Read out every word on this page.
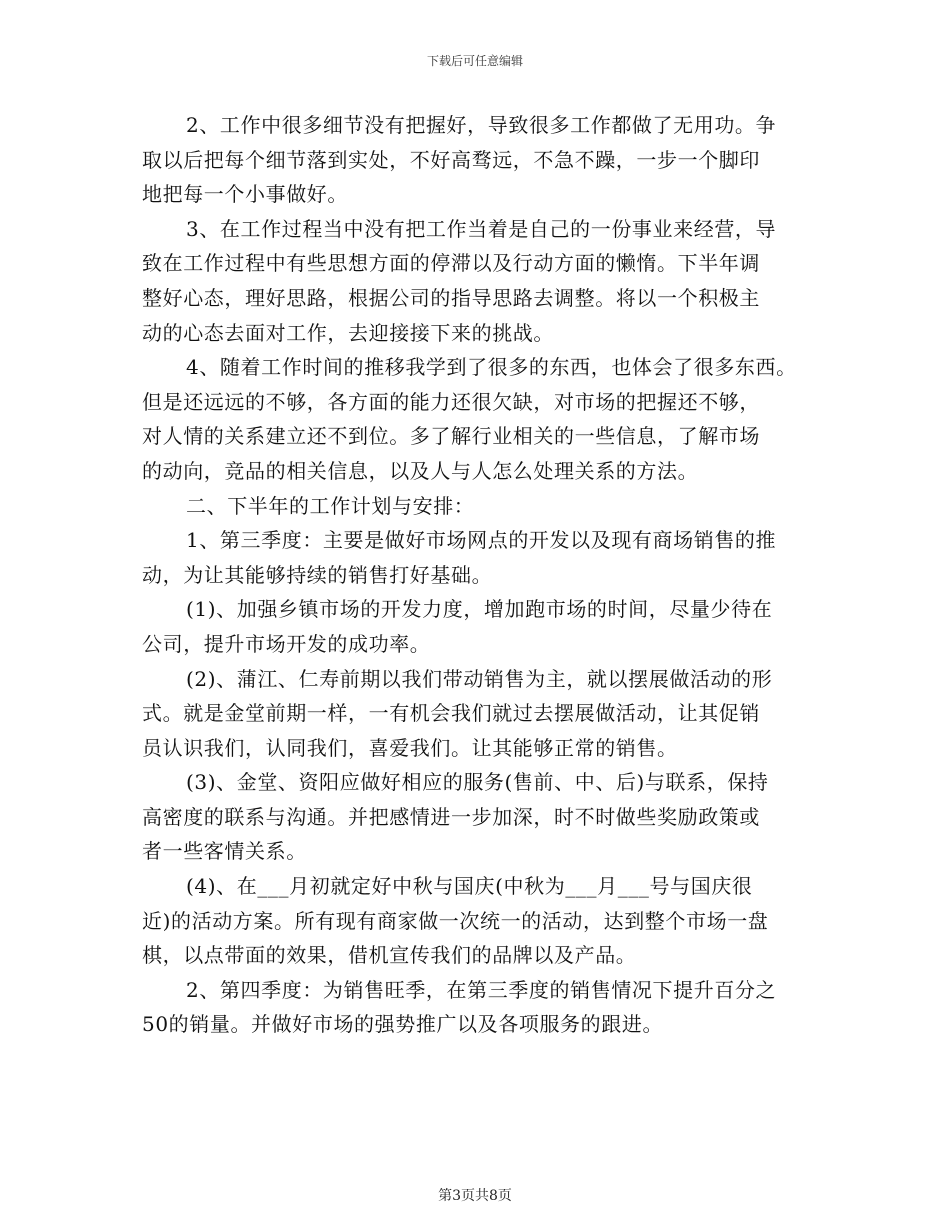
下载后可任意编辑
2、工作中很多细节没有把握好，导致很多工作都做了无用功。争
取以后把每个细节落到实处，不好高骛远，不急不躁，一步一个脚印
地把每一个小事做好。
3、在工作过程当中没有把工作当着是自己的一份事业来经营，导
致在工作过程中有些思想方面的停滞以及行动方面的懒惰。下半年调
整好心态，理好思路，根据公司的指导思路去调整。将以一个积极主
动的心态去面对工作，去迎接接下来的挑战。
4、随着工作时间的推移我学到了很多的东西，也体会了很多东西。
但是还远远的不够，各方面的能力还很欠缺，对市场的把握还不够，
对人情的关系建立还不到位。多了解行业相关的一些信息，了解市场
的动向，竞品的相关信息，以及人与人怎么处理关系的方法。
二、下半年的工作计划与安排：
1、第三季度：主要是做好市场网点的开发以及现有商场销售的推
动，为让其能够持续的销售打好基础。
(1)、加强乡镇市场的开发力度，增加跑市场的时间，尽量少待在
公司，提升市场开发的成功率。
(2)、蒲江、仁寿前期以我们带动销售为主，就以摆展做活动的形
式。就是金堂前期一样，一有机会我们就过去摆展做活动，让其促销
员认识我们，认同我们，喜爱我们。让其能够正常的销售。
(3)、金堂、资阳应做好相应的服务(售前、中、后)与联系，保持
高密度的联系与沟通。并把感情进一步加深，时不时做些奖励政策或
者一些客情关系。
(4)、在___月初就定好中秋与国庆(中秋为___月___号与国庆很
近)的活动方案。所有现有商家做一次统一的活动，达到整个市场一盘
棋，以点带面的效果，借机宣传我们的品牌以及产品。
2、第四季度：为销售旺季，在第三季度的销售情况下提升百分之
50的销量。并做好市场的强势推广以及各项服务的跟进。
第3页共8页
